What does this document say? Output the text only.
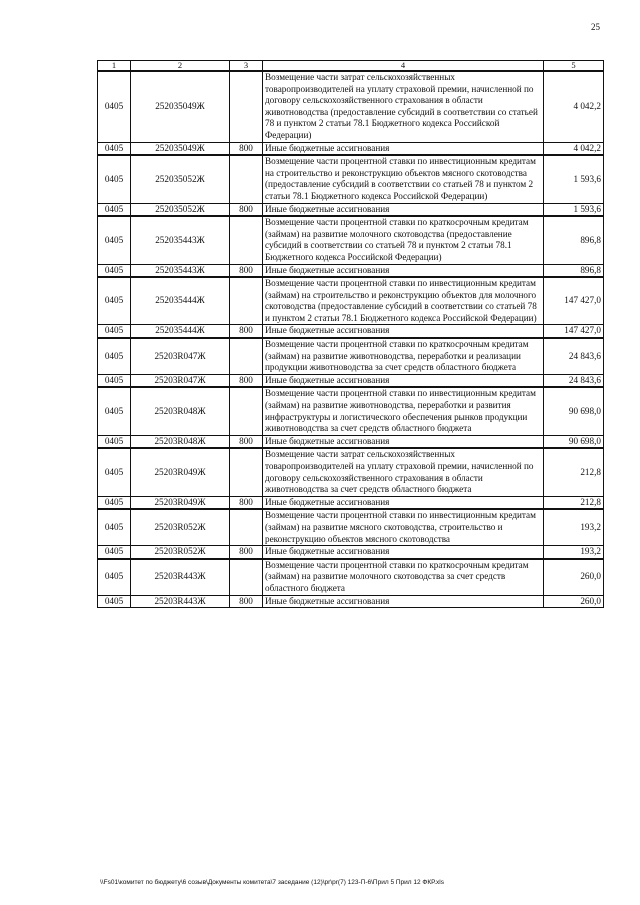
25
1	2	3	4	5
0405	252035049Ж		Возмещение части затрат сельскохозяйственных товаропроизводителей на уплату страховой премии, начисленной по договору сельскохозяйственного страхования в области животноводства (предоставление субсидий в соответствии со статьей 78 и пунктом 2 статьи 78.1 Бюджетного кодекса Российской Федерации)	4 042,2
0405	252035049Ж	800	Иные бюджетные ассигнования	4 042,2
0405	252035052Ж		Возмещение части процентной ставки по инвестиционным кредитам на строительство и реконструкцию объектов мясного скотоводства (предоставление субсидий в соответствии со статьей 78 и пунктом 2 статьи 78.1 Бюджетного кодекса Российской Федерации)	1 593,6
0405	252035052Ж	800	Иные бюджетные ассигнования	1 593,6
0405	252035443Ж		Возмещение части процентной ставки по краткосрочным кредитам (займам) на развитие молочного скотоводства (предоставление субсидий в соответствии со статьей 78 и пунктом 2 статьи 78.1 Бюджетного кодекса Российской Федерации)	896,8
0405	252035443Ж	800	Иные бюджетные ассигнования	896,8
0405	252035444Ж		Возмещение части процентной ставки по инвестиционным кредитам (займам) на строительство и реконструкцию объектов для молочного скотоводства (предоставление субсидий в соответствии со статьей 78 и пунктом 2 статьи 78.1 Бюджетного кодекса Российской Федерации)	147 427,0
0405	252035444Ж	800	Иные бюджетные ассигнования	147 427,0
0405	25203R047Ж		Возмещение части процентной ставки по краткосрочным кредитам (займам) на развитие животноводства, переработки и реализации продукции животноводства за счет средств областного бюджета	24 843,6
0405	25203R047Ж	800	Иные бюджетные ассигнования	24 843,6
0405	25203R048Ж		Возмещение части процентной ставки по инвестиционным кредитам (займам) на развитие животноводства, переработки и развития инфраструктуры и логистического обеспечения рынков продукции животноводства за счет средств областного бюджета	90 698,0
0405	25203R048Ж	800	Иные бюджетные ассигнования	90 698,0
0405	25203R049Ж		Возмещение части затрат сельскохозяйственных товаропроизводителей на уплату страховой премии, начисленной по договору сельскохозяйственного страхования в области животноводства за счет средств областного бюджета	212,8
0405	25203R049Ж	800	Иные бюджетные ассигнования	212,8
0405	25203R052Ж		Возмещение части процентной ставки по инвестиционным кредитам (займам) на развитие мясного скотоводства, строительство и реконструкцию объектов мясного скотоводства	193,2
0405	25203R052Ж	800	Иные бюджетные ассигнования	193,2
0405	25203R443Ж		Возмещение части процентной ставки по краткосрочным кредитам (займам) на развитие молочного скотоводства за счет средств областного бюджета	260,0
0405	25203R443Ж	800	Иные бюджетные ассигнования	260,0
\\Fs01\комитет по бюджету\6 созыв\Документы комитета\7 заседание (12)\pr\pr(7) 123-П-6\Прил 5 Прил 12 ФКР.xls
